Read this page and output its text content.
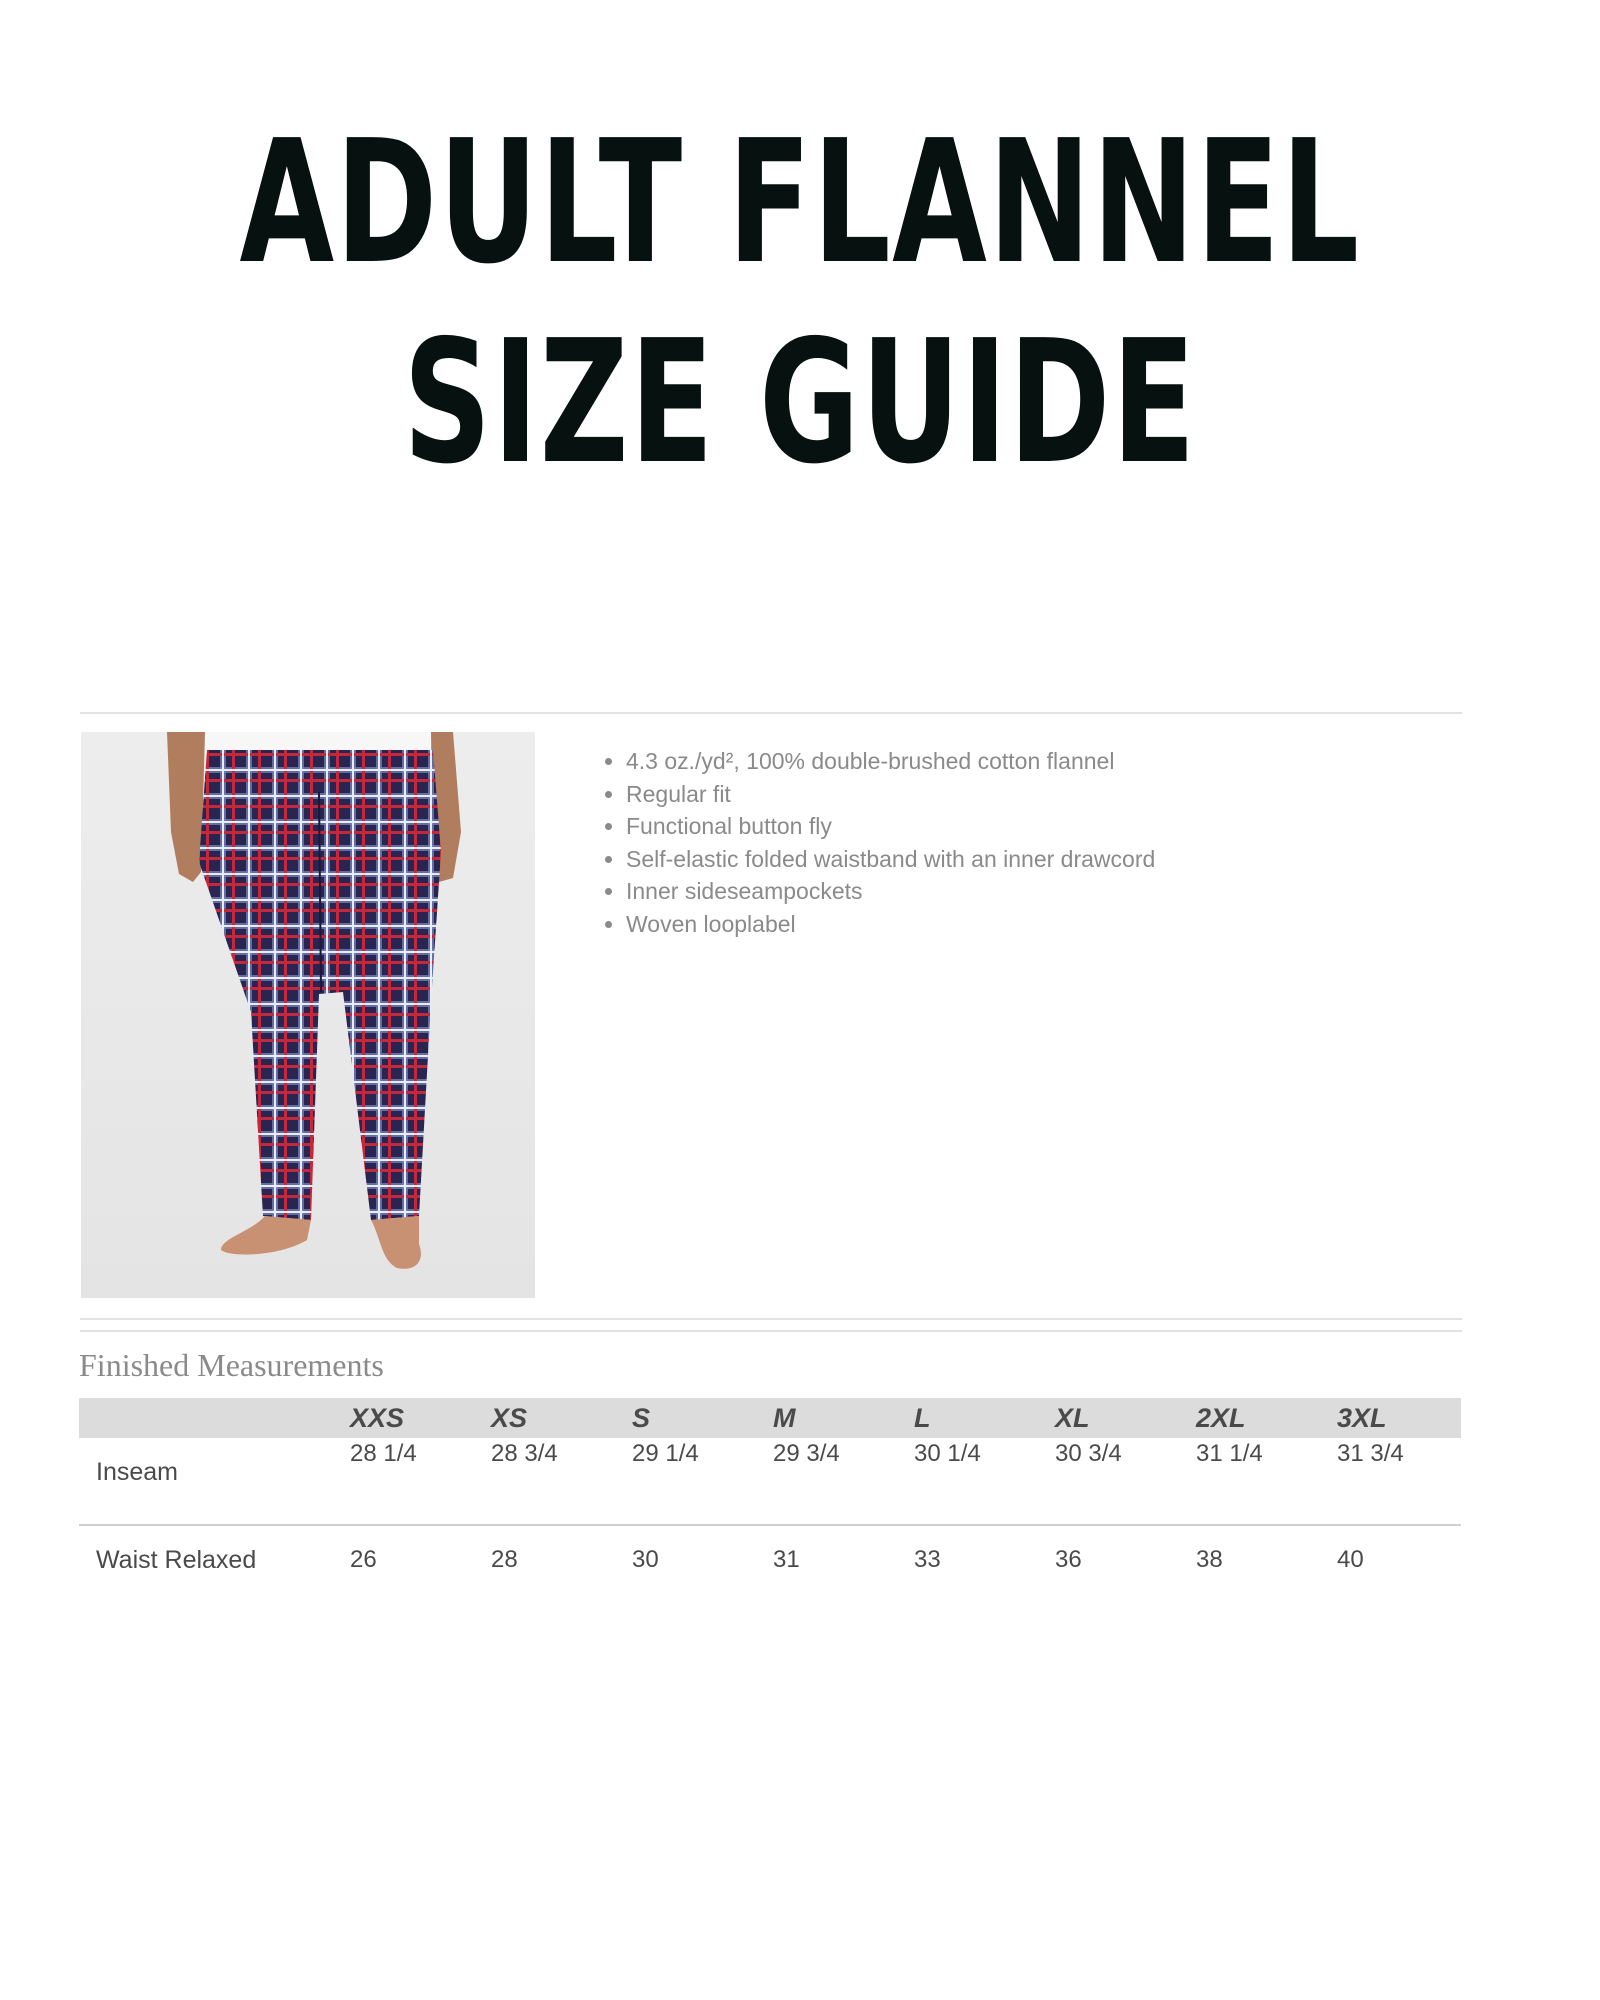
ADULT FLANNEL
SIZE GUIDE
• 4.3 oz./yd², 100% double-brushed cotton flannel
• Regular fit
• Functional button fly
• Self-elastic folded waistband with an inner drawcord
• Inner sideseampockets
• Woven looplabel
Finished Measurements
	XXS	XS	S	M	L	XL	2XL	3XL
Inseam	28 1/4	28 3/4	29 1/4	29 3/4	30 1/4	30 3/4	31 1/4	31 3/4
Waist Relaxed	26	28	30	31	33	36	38	40
